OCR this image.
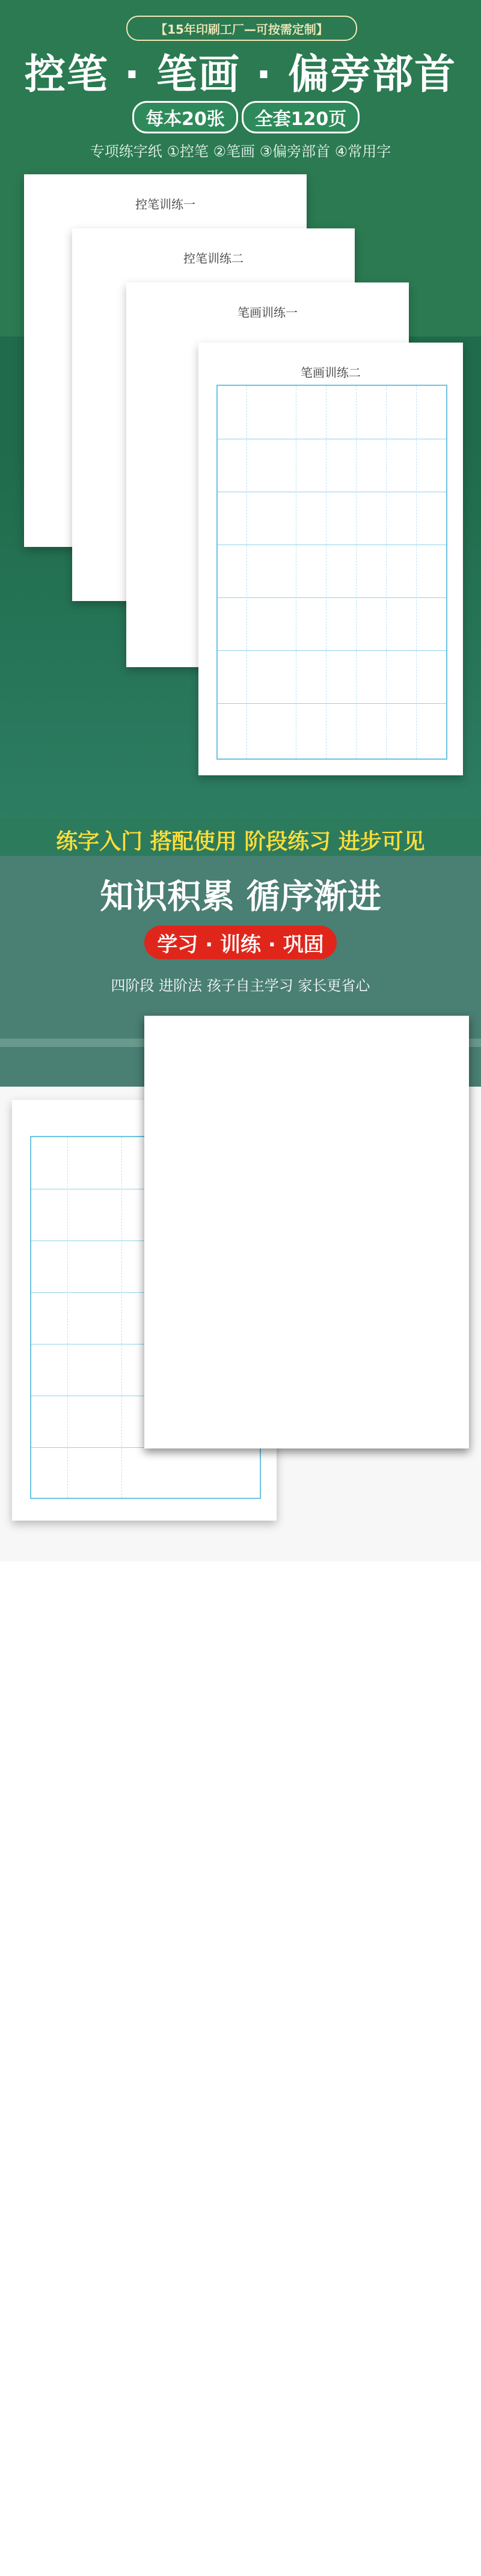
【15年印刷工厂—可按需定制】
控笔 · 笔画 · 偏旁部首
每本20张	全套120页
专项练字纸 ①控笔 ②笔画 ③偏旁部首 ④常用字
控笔训练一
控笔训练二
笔画训练一
笔画训练二
练字入门 搭配使用 阶段练习 进步可见
知识积累 循序渐进
学习 · 训练 · 巩固
四阶段 进阶法 孩子自主学习 家长更省心
